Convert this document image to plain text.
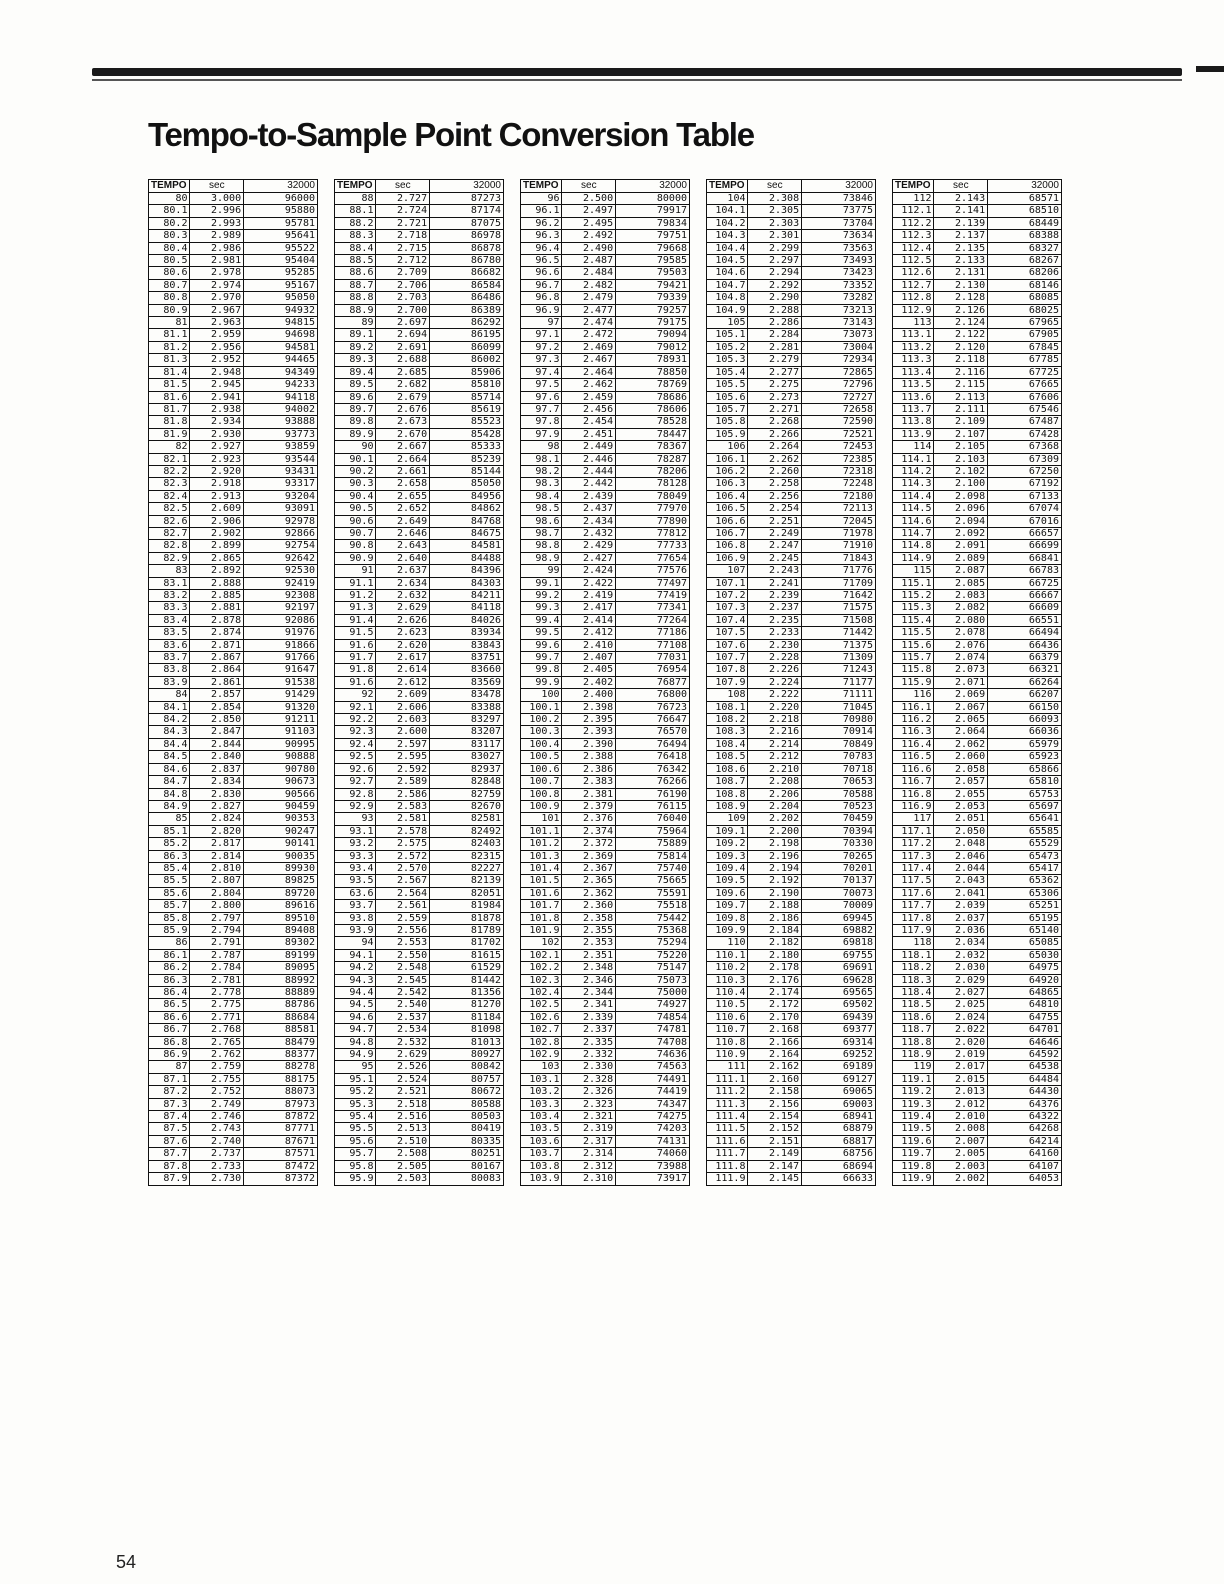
Tempo-to-Sample Point Conversion Table
TEMPO	sec	32000
80	3.000	96000
80.1	2.996	95880
80.2	2.993	95781
80.3	2.989	95641
80.4	2.986	95522
80.5	2.981	95404
80.6	2.978	95285
80.7	2.974	95167
80.8	2.970	95050
80.9	2.967	94932
81	2.963	94815
81.1	2.959	94698
81.2	2.956	94581
81.3	2.952	94465
81.4	2.948	94349
81.5	2.945	94233
81.6	2.941	94118
81.7	2.938	94002
81.8	2.934	93888
81.9	2.930	93773
82	2.927	93859
82.1	2.923	93544
82.2	2.920	93431
82.3	2.918	93317
82.4	2.913	93204
82.5	2.609	93091
82.6	2.906	92978
82.7	2.902	92866
82.8	2.899	92754
82.9	2.865	92642
83	2.892	92530
83.1	2.888	92419
83.2	2.885	92308
83.3	2.881	92197
83.4	2.878	92086
83.5	2.874	91976
83.6	2.871	91866
83.7	2.867	91766
83.8	2.864	91647
83.9	2.861	91538
84	2.857	91429
84.1	2.854	91320
84.2	2.850	91211
84.3	2.847	91103
84.4	2.844	90995
84.5	2.840	90888
84.6	2.837	90780
84.7	2.834	90673
84.8	2.830	90566
84.9	2.827	90459
85	2.824	90353
85.1	2.820	90247
85.2	2.817	90141
86.3	2.814	90035
85.4	2.810	89930
85.5	2.807	89825
85.6	2.804	89720
85.7	2.800	89616
85.8	2.797	89510
85.9	2.794	89408
86	2.791	89302
86.1	2.787	89199
86.2	2.784	89095
86.3	2.781	88992
86.4	2.778	88889
86.5	2.775	88786
86.6	2.771	88684
86.7	2.768	88581
86.8	2.765	88479
86.9	2.762	88377
87	2.759	88278
87.1	2.755	88175
87.2	2.752	88073
87.3	2.749	87973
87.4	2.746	87872
87.5	2.743	87771
87.6	2.740	87671
87.7	2.737	87571
87.8	2.733	87472
87.9	2.730	87372
TEMPO	sec	32000
88	2.727	87273
88.1	2.724	87174
88.2	2.721	87075
88.3	2.718	86978
88.4	2.715	86878
88.5	2.712	86780
88.6	2.709	86682
88.7	2.706	86584
88.8	2.703	86486
88.9	2.700	86389
89	2.697	86292
89.1	2.694	86195
89.2	2.691	86099
89.3	2.688	86002
89.4	2.685	85906
89.5	2.682	85810
89.6	2.679	85714
89.7	2.676	85619
89.8	2.673	85523
89.9	2.670	85428
90	2.667	85333
90.1	2.664	85239
90.2	2.661	85144
90.3	2.658	85050
90.4	2.655	84956
90.5	2.652	84862
90.6	2.649	84768
90.7	2.646	84675
90.8	2.643	84581
90.9	2.640	84488
91	2.637	84396
91.1	2.634	84303
91.2	2.632	84211
91.3	2.629	84118
91.4	2.626	84026
91.5	2.623	83934
91.6	2.620	83843
91.7	2.617	83751
91.8	2.614	83660
91.6	2.612	83569
92	2.609	83478
92.1	2.606	83388
92.2	2.603	83297
92.3	2.600	83207
92.4	2.597	83117
92.5	2.595	83027
92.6	2.592	82937
92.7	2.589	82848
92.8	2.586	82759
92.9	2.583	82670
93	2.581	82581
93.1	2.578	82492
93.2	2.575	82403
93.3	2.572	82315
93.4	2.570	82227
93.5	2.567	82139
63.6	2.564	82051
93.7	2.561	81984
93.8	2.559	81878
93.9	2.556	81789
94	2.553	81702
94.1	2.550	81615
94.2	2.548	61529
94.3	2.545	81442
94.4	2.542	81356
94.5	2.540	81270
94.6	2.537	81184
94.7	2.534	81098
94.8	2.532	81013
94.9	2.629	80927
95	2.526	80842
95.1	2.524	80757
95.2	2.521	80672
95.3	2.518	80588
95.4	2.516	80503
95.5	2.513	80419
95.6	2.510	80335
95.7	2.508	80251
95.8	2.505	80167
95.9	2.503	80083
TEMPO	sec	32000
96	2.500	80000
96.1	2.497	79917
96.2	2.495	79834
96.3	2.492	79751
96.4	2.490	79668
96.5	2.487	79585
96.6	2.484	79503
96.7	2.482	79421
96.8	2.479	79339
96.9	2.477	79257
97	2.474	79175
97.1	2.472	79094
97.2	2.469	79012
97.3	2.467	78931
97.4	2.464	78850
97.5	2.462	78769
97.6	2.459	78686
97.7	2.456	78606
97.8	2.454	78528
97.9	2.451	78447
98	2.449	78367
98.1	2.446	78287
98.2	2.444	78206
98.3	2.442	78128
98.4	2.439	78049
98.5	2.437	77970
98.6	2.434	77890
98.7	2.432	77812
98.8	2.429	77733
98.9	2.427	77654
99	2.424	77576
99.1	2.422	77497
99.2	2.419	77419
99.3	2.417	77341
99.4	2.414	77264
99.5	2.412	77186
99.6	2.410	77108
99.7	2.407	77031
99.8	2.405	76954
99.9	2.402	76877
100	2.400	76800
100.1	2.398	76723
100.2	2.395	76647
100.3	2.393	76570
100.4	2.390	76494
100.5	2.388	76418
100.6	2.386	76342
100.7	2.383	76266
100.8	2.381	76190
100.9	2.379	76115
101	2.376	76040
101.1	2.374	75964
101.2	2.372	75889
101.3	2.369	75814
101.4	2.367	75740
101.5	2.365	75665
101.6	2.362	75591
101.7	2.360	75518
101.8	2.358	75442
101.9	2.355	75368
102	2.353	75294
102.1	2.351	75220
102.2	2.348	75147
102.3	2.346	75073
102.4	2.344	75000
102.5	2.341	74927
102.6	2.339	74854
102.7	2.337	74781
102.8	2.335	74708
102.9	2.332	74636
103	2.330	74563
103.1	2.328	74491
103.2	2.326	74419
103.3	2.323	74347
103.4	2.321	74275
103.5	2.319	74203
103.6	2.317	74131
103.7	2.314	74060
103.8	2.312	73988
103.9	2.310	73917
TEMPO	sec	32000
104	2.308	73846
104.1	2.305	73775
104.2	2.303	73704
104.3	2.301	73634
104.4	2.299	73563
104.5	2.297	73493
104.6	2.294	73423
104.7	2.292	73352
104.8	2.290	73282
104.9	2.288	73213
105	2.286	73143
105.1	2.284	73073
105.2	2.281	73004
105.3	2.279	72934
105.4	2.277	72865
105.5	2.275	72796
105.6	2.273	72727
105.7	2.271	72658
105.8	2.268	72590
105.9	2.266	72521
106	2.264	72453
106.1	2.262	72385
106.2	2.260	72318
106.3	2.258	72248
106.4	2.256	72180
106.5	2.254	72113
106.6	2.251	72045
106.7	2.249	71978
106.8	2.247	71910
106.9	2.245	71843
107	2.243	71776
107.1	2.241	71709
107.2	2.239	71642
107.3	2.237	71575
107.4	2.235	71508
107.5	2.233	71442
107.6	2.230	71375
107.7	2.228	71309
107.8	2.226	71243
107.9	2.224	71177
108	2.222	71111
108.1	2.220	71045
108.2	2.218	70980
108.3	2.216	70914
108.4	2.214	70849
108.5	2.212	70783
108.6	2.210	70718
108.7	2.208	70653
108.8	2.206	70588
108.9	2.204	70523
109	2.202	70459
109.1	2.200	70394
109.2	2.198	70330
109.3	2.196	70265
109.4	2.194	70201
109.5	2.192	70137
109.6	2.190	70073
109.7	2.188	70009
109.8	2.186	69945
109.9	2.184	69882
110	2.182	69818
110.1	2.180	69755
110.2	2.178	69691
110.3	2.176	69628
110.4	2.174	69565
110.5	2.172	69502
110.6	2.170	69439
110.7	2.168	69377
110.8	2.166	69314
110.9	2.164	69252
111	2.162	69189
111.1	2.160	69127
111.2	2.158	69065
111.3	2.156	69003
111.4	2.154	68941
111.5	2.152	68879
111.6	2.151	68817
111.7	2.149	68756
111.8	2.147	68694
111.9	2.145	66633
TEMPO	sec	32000
112	2.143	68571
112.1	2.141	68510
112.2	2.139	68449
112.3	2.137	68388
112.4	2.135	68327
112.5	2.133	68267
112.6	2.131	68206
112.7	2.130	68146
112.8	2.128	68085
112.9	2.126	68025
113	2.124	67965
113.1	2.122	67905
113.2	2.120	67845
113.3	2.118	67785
113.4	2.116	67725
113.5	2.115	67665
113.6	2.113	67606
113.7	2.111	67546
113.8	2.109	67487
113.9	2.107	67428
114	2.105	67368
114.1	2.103	67309
114.2	2.102	67250
114.3	2.100	67192
114.4	2.098	67133
114.5	2.096	67074
114.6	2.094	67016
114.7	2.092	66657
114.8	2.091	66699
114.9	2.089	66841
115	2.087	66783
115.1	2.085	66725
115.2	2.083	66667
115.3	2.082	66609
115.4	2.080	66551
115.5	2.078	66494
115.6	2.076	66436
115.7	2.074	66379
115.8	2.073	66321
115.9	2.071	66264
116	2.069	66207
116.1	2.067	66150
116.2	2.065	66093
116.3	2.064	66036
116.4	2.062	65979
116.5	2.060	65923
116.6	2.058	65866
116.7	2.057	65810
116.8	2.055	65753
116.9	2.053	65697
117	2.051	65641
117.1	2.050	65585
117.2	2.048	65529
117.3	2.046	65473
117.4	2.044	65417
117.5	2.043	65362
117.6	2.041	65306
117.7	2.039	65251
117.8	2.037	65195
117.9	2.036	65140
118	2.034	65085
118.1	2.032	65030
118.2	2.030	64975
118.3	2.029	64920
118.4	2.027	64865
118.5	2.025	64810
118.6	2.024	64755
118.7	2.022	64701
118.8	2.020	64646
118.9	2.019	64592
119	2.017	64538
119.1	2.015	64484
119.2	2.013	64430
119.3	2.012	64376
119.4	2.010	64322
119.5	2.008	64268
119.6	2.007	64214
119.7	2.005	64160
119.8	2.003	64107
119.9	2.002	64053
54
